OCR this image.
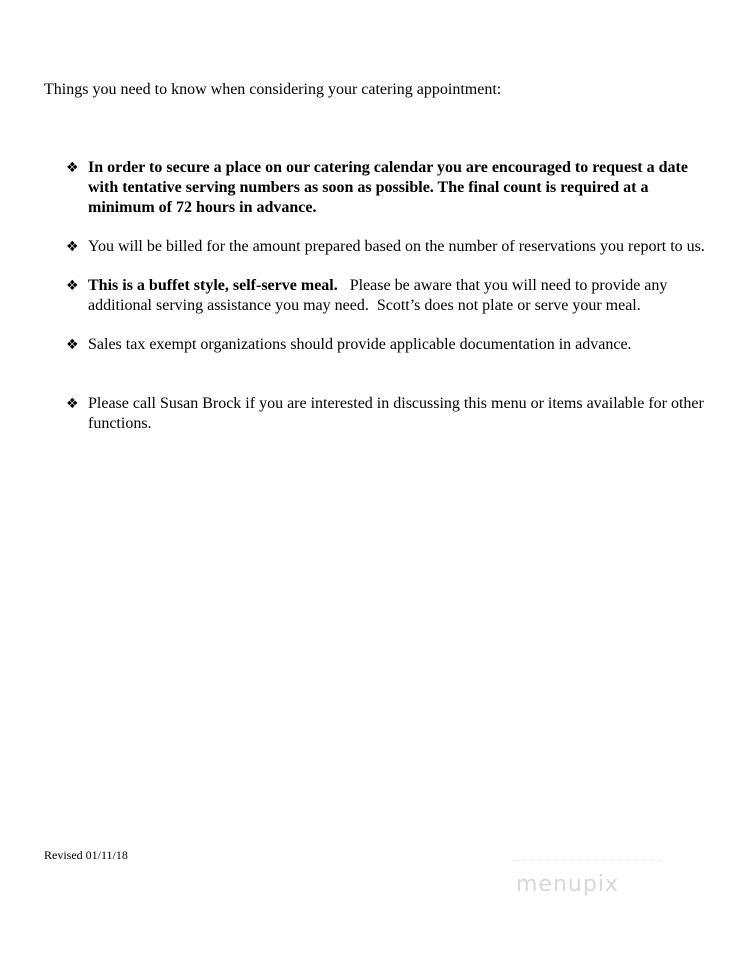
Things you need to know when considering your catering appointment:

❖ In order to secure a place on our catering calendar you are encouraged to request a date with tentative serving numbers as soon as possible. The final count is required at a minimum of 72 hours in advance.
❖ You will be billed for the amount prepared based on the number of reservations you report to us.
❖ This is a buffet style, self-serve meal.   Please be aware that you will need to provide any additional serving assistance you may need.  Scott’s does not plate or serve your meal.
❖ Sales tax exempt organizations should provide applicable documentation in advance.
❖ Please call Susan Brock if you are interested in discussing this menu or items available for other functions.

Revised 01/11/18

menupix
